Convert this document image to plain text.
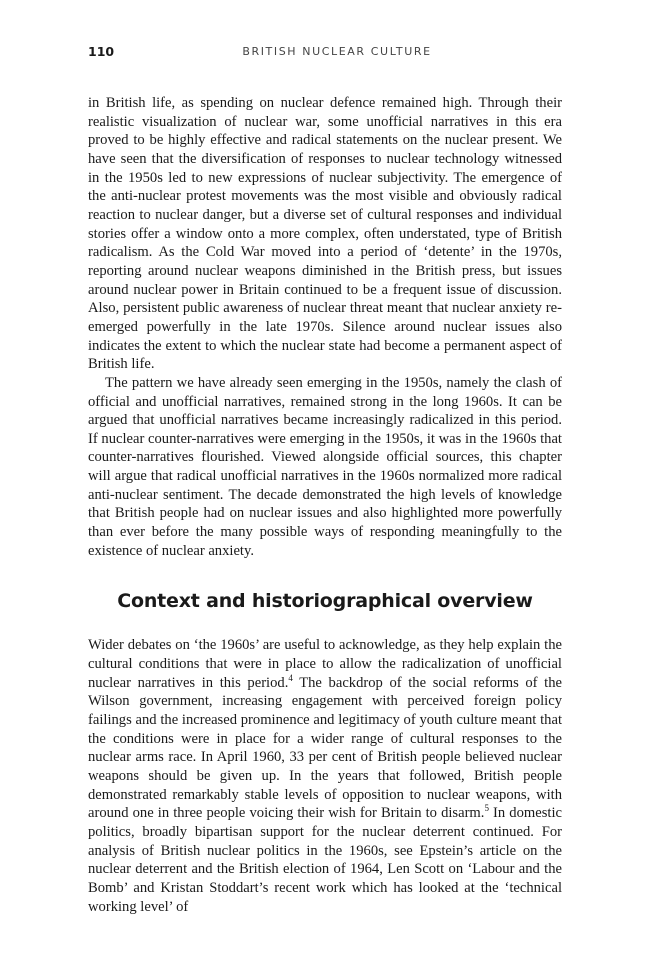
110	BRITISH NUCLEAR CULTURE

in British life, as spending on nuclear defence remained high. Through their realistic visualization of nuclear war, some unofficial narratives in this era proved to be highly effective and radical statements on the nuclear present. We have seen that the diversification of responses to nuclear technology witnessed in the 1950s led to new expressions of nuclear subjectivity. The emergence of the anti-nuclear protest movements was the most visible and obviously radical reaction to nuclear danger, but a diverse set of cultural responses and individual stories offer a window onto a more complex, often understated, type of British radicalism. As the Cold War moved into a period of ‘detente’ in the 1970s, reporting around nuclear weapons diminished in the British press, but issues around nuclear power in Britain continued to be a frequent issue of discussion. Also, persistent public awareness of nuclear threat meant that nuclear anxiety re-emerged powerfully in the late 1970s. Silence around nuclear issues also indicates the extent to which the nuclear state had become a permanent aspect of British life.

The pattern we have already seen emerging in the 1950s, namely the clash of official and unofficial narratives, remained strong in the long 1960s. It can be argued that unofficial narratives became increasingly radicalized in this period. If nuclear counter-narratives were emerging in the 1950s, it was in the 1960s that counter-narratives flourished. Viewed alongside official sources, this chapter will argue that radical unofficial narratives in the 1960s normalized more radical anti-nuclear sentiment. The decade demonstrated the high levels of knowledge that British people had on nuclear issues and also highlighted more powerfully than ever before the many possible ways of responding meaningfully to the existence of nuclear anxiety.

Context and historiographical overview

Wider debates on ‘the 1960s’ are useful to acknowledge, as they help explain the cultural conditions that were in place to allow the radicalization of unofficial nuclear narratives in this period.$^4$ The backdrop of the social reforms of the Wilson government, increasing engagement with perceived foreign policy failings and the increased prominence and legitimacy of youth culture meant that the conditions were in place for a wider range of cultural responses to the nuclear arms race. In April 1960, 33 per cent of British people believed nuclear weapons should be given up. In the years that followed, British people demonstrated remarkably stable levels of opposition to nuclear weapons, with around one in three people voicing their wish for Britain to disarm.$^5$ In domestic politics, broadly bipartisan support for the nuclear deterrent continued. For analysis of British nuclear politics in the 1960s, see Epstein’s article on the nuclear deterrent and the British election of 1964, Len Scott on ‘Labour and the Bomb’ and Kristan Stoddart’s recent work which has looked at the ‘technical working level’ of
